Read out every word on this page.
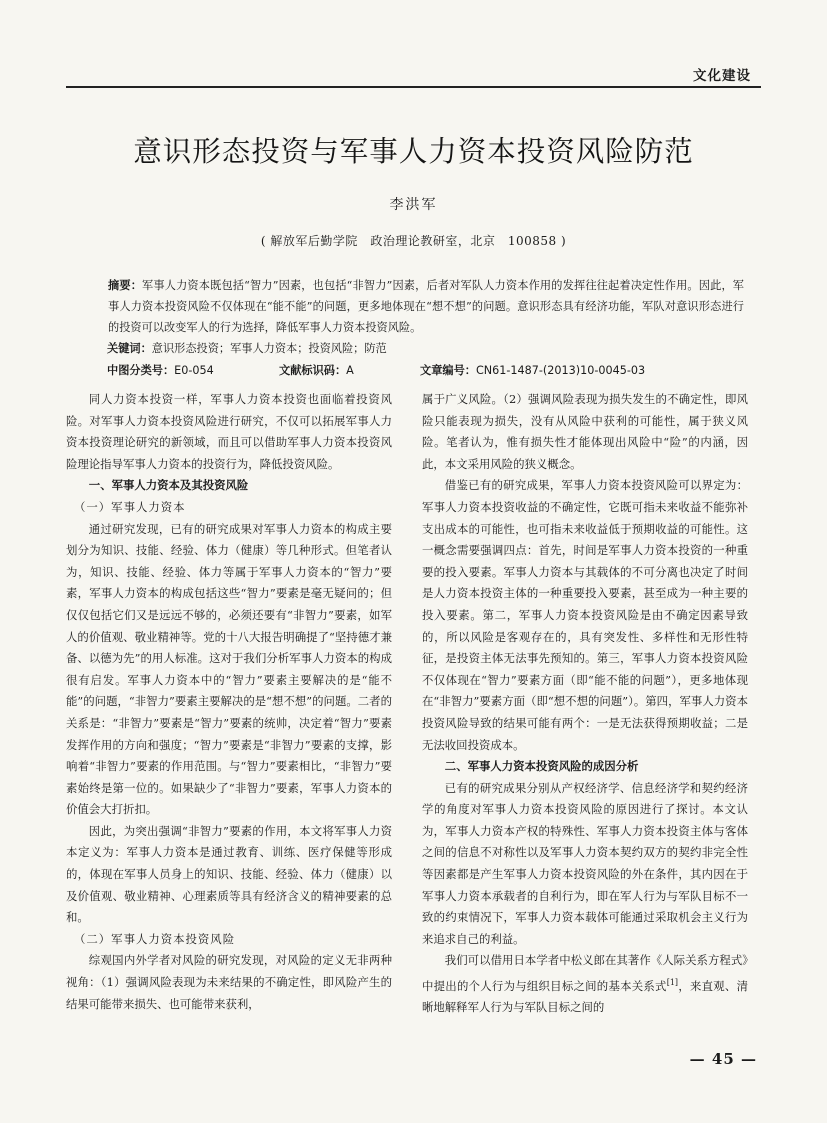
文化建设
意识形态投资与军事人力资本投资风险防范
李洪军
( 解放军后勤学院　政治理论教研室，北京　100858 )
摘要：军事人力资本既包括“智力”因素，也包括“非智力”因素，后者对军队人力资本作用的发挥往往起着决定性作用。因此，军事人力资本投资风险不仅体现在“能不能”的问题，更多地体现在“想不想”的问题。意识形态具有经济功能，军队对意识形态进行的投资可以改变军人的行为选择，降低军事人力资本投资风险。
关键词：意识形态投资；军事人力资本；投资风险；防范
中图分类号：E0-054	文献标识码：A	文章编号：CN61-1487-(2013)10-0045-03

同人力资本投资一样，军事人力资本投资也面临着投资风险。对军事人力资本投资风险进行研究，不仅可以拓展军事人力资本投资理论研究的新领域，而且可以借助军事人力资本投资风险理论指导军事人力资本的投资行为，降低投资风险。

一、军事人力资本及其投资风险
（一）军事人力资本

通过研究发现，已有的研究成果对军事人力资本的构成主要划分为知识、技能、经验、体力（健康）等几种形式。但笔者认为，知识、技能、经验、体力等属于军事人力资本的“智力”要素，军事人力资本的构成包括这些“智力”要素是毫无疑问的；但仅仅包括它们又是远远不够的，必须还要有“非智力”要素，如军人的价值观、敬业精神等。党的十八大报告明确提了“坚持德才兼备、以德为先”的用人标准。这对于我们分析军事人力资本的构成很有启发。军事人力资本中的“智力”要素主要解决的是“能不能”的问题，“非智力”要素主要解决的是“想不想”的问题。二者的关系是：“非智力”要素是“智力”要素的统帅，决定着“智力”要素发挥作用的方向和强度；“智力”要素是“非智力”要素的支撑，影响着“非智力”要素的作用范围。与“智力”要素相比，“非智力”要素始终是第一位的。如果缺少了“非智力”要素，军事人力资本的价值会大打折扣。

因此，为突出强调“非智力”要素的作用，本文将军事人力资本定义为：军事人力资本是通过教育、训练、医疗保健等形成的，体现在军事人员身上的知识、技能、经验、体力（健康）以及价值观、敬业精神、心理素质等具有经济含义的精神要素的总和。

（二）军事人力资本投资风险

综观国内外学者对风险的研究发现，对风险的定义无非两种视角：（1）强调风险表现为未来结果的不确定性，即风险产生的结果可能带来损失、也可能带来获利，

属于广义风险。（2）强调风险表现为损失发生的不确定性，即风险只能表现为损失，没有从风险中获利的可能性，属于狭义风险。笔者认为，惟有损失性才能体现出风险中“险”的内涵，因此，本文采用风险的狭义概念。

借鉴已有的研究成果，军事人力资本投资风险可以界定为：军事人力资本投资收益的不确定性，它既可指未来收益不能弥补支出成本的可能性，也可指未来收益低于预期收益的可能性。这一概念需要强调四点：首先，时间是军事人力资本投资的一种重要的投入要素。军事人力资本与其载体的不可分离也决定了时间是人力资本投资主体的一种重要投入要素，甚至成为一种主要的投入要素。第二，军事人力资本投资风险是由不确定因素导致的，所以风险是客观存在的，具有突发性、多样性和无形性特征，是投资主体无法事先预知的。第三，军事人力资本投资风险不仅体现在“智力”要素方面（即“能不能的问题”），更多地体现在“非智力”要素方面（即“想不想的问题”）。第四，军事人力资本投资风险导致的结果可能有两个：一是无法获得预期收益；二是无法收回投资成本。

二、军事人力资本投资风险的成因分析

已有的研究成果分别从产权经济学、信息经济学和契约经济学的角度对军事人力资本投资风险的原因进行了探讨。本文认为，军事人力资本产权的特殊性、军事人力资本投资主体与客体之间的信息不对称性以及军事人力资本契约双方的契约非完全性等因素都是产生军事人力资本投资风险的外在条件，其内因在于军事人力资本承载者的自利行为，即在军人行为与军队目标不一致的约束情况下，军事人力资本载体可能通过采取机会主义行为来追求自己的利益。

我们可以借用日本学者中松义郎在其著作《人际关系方程式》中提出的个人行为与组织目标之间的基本关系式[1]，来直观、清晰地解释军人行为与军队目标之间的

— 45 —
